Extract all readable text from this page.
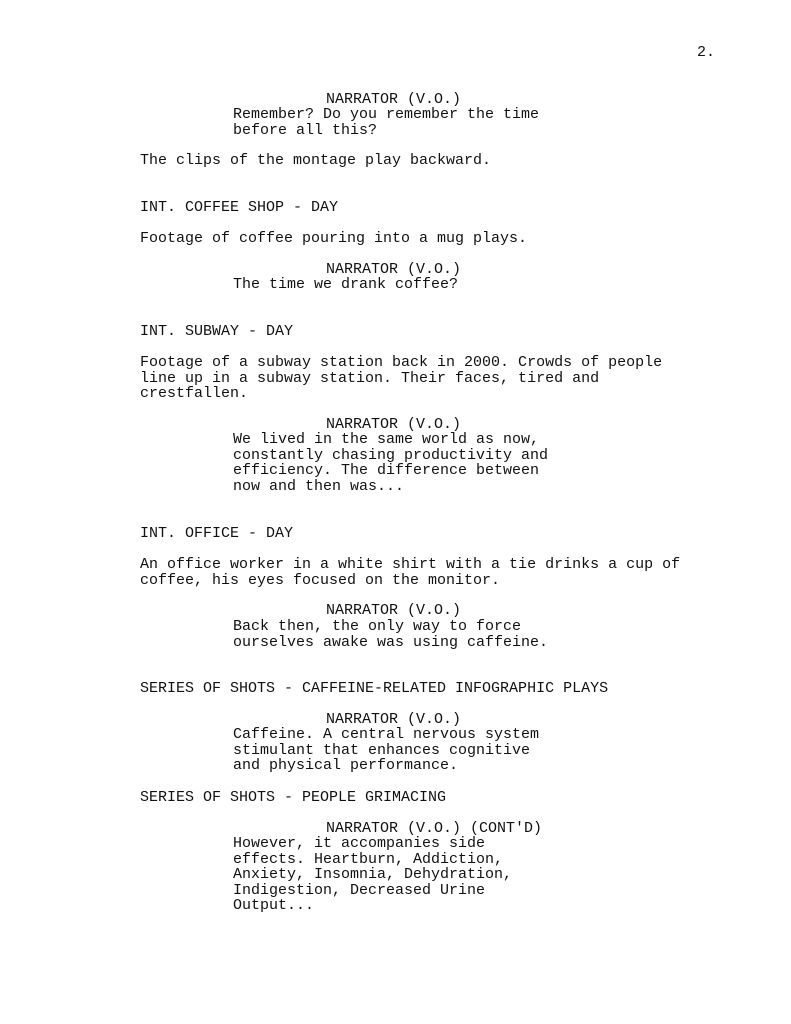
2.
NARRATOR (V.O.)
Remember? Do you remember the time
before all this?
The clips of the montage play backward.
INT. COFFEE SHOP - DAY
Footage of coffee pouring into a mug plays.
NARRATOR (V.O.)
The time we drank coffee?
INT. SUBWAY - DAY
Footage of a subway station back in 2000. Crowds of people
line up in a subway station. Their faces, tired and
crestfallen.
NARRATOR (V.O.)
We lived in the same world as now,
constantly chasing productivity and
efficiency. The difference between
now and then was...
INT. OFFICE - DAY
An office worker in a white shirt with a tie drinks a cup of
coffee, his eyes focused on the monitor.
NARRATOR (V.O.)
Back then, the only way to force
ourselves awake was using caffeine.
SERIES OF SHOTS - CAFFEINE-RELATED INFOGRAPHIC PLAYS
NARRATOR (V.O.)
Caffeine. A central nervous system
stimulant that enhances cognitive
and physical performance.
SERIES OF SHOTS - PEOPLE GRIMACING
NARRATOR (V.O.) (CONT'D)
However, it accompanies side
effects. Heartburn, Addiction,
Anxiety, Insomnia, Dehydration,
Indigestion, Decreased Urine
Output...
